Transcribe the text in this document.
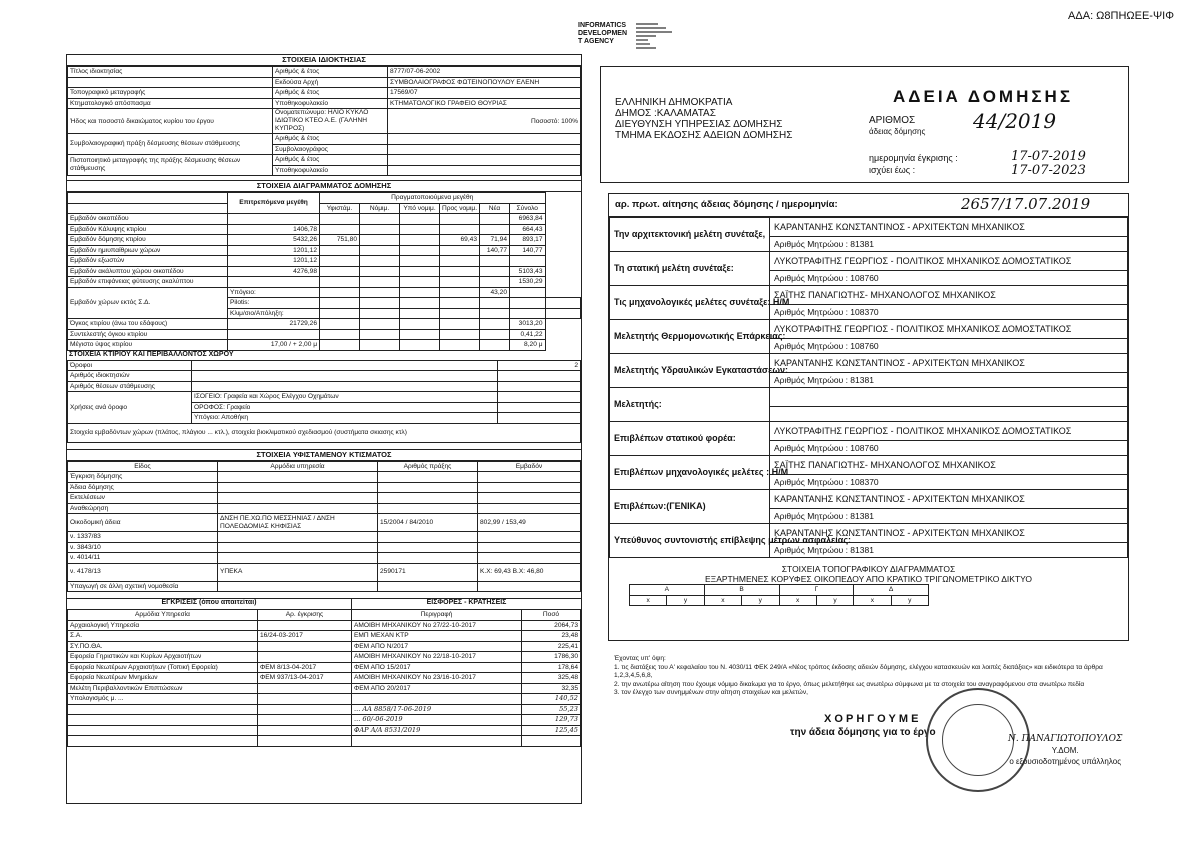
ΑΔΑ: Ω8ΠΗΩΕΕ-ΨΙΦ
INFORMATICS
DEVELOPMEN
T AGENCY
ΣΤΟΙΧΕΙΑ ΙΔΙΟΚΤΗΣΙΑΣ
Τίτλος ιδιοκτησίας	Αριθμός & έτος	8777/07-06-2002
	Εκδούσα Αρχή	ΣΥΜΒΟΛΑΙΟΓΡΑΦΟΣ ΦΩΤΕΙΝΟΠΟΥΛΟΥ ΕΛΕΝΗ
Τοπογραφικό μεταγραφής	Αριθμός & έτος	17569/07
Κτηματολογικό απόσπασμα	Υποθηκοφυλακείο	ΚΤΗΜΑΤΟΛΟΓΙΚΟ ΓΡΑΦΕΙΟ ΘΟΥΡΙΑΣ
Ήδος και ποσοστό δικαιώματος κυρίου του έργου	Ονοματεπώνυμο: ΗΛΙΟ ΚΥΚΛΟ ΙΔΙΩΤΙΚΟ ΚΤΕΟ Α.Ε. (ΓΑΛΗΝΗ ΚΥΠΡΟΣ)	Ποσοστό: 100%
Συμβολαιογραφική πράξη δέσμευσης θέσεων στάθμευσης	Αριθμός & έτος	
	Συμβολαιογράφος	
Πιστοποιητικό μεταγραφής της πράξης δέσμευσης θέσεων στάθμευσης	Αριθμός & έτος	
	Υποθηκοφυλακείο	
ΣΤΟΙΧΕΙΑ ΔΙΑΓΡΑΜΜΑΤΟΣ ΔΟΜΗΣΗΣ
	Επιτρεπόμενα μεγέθη	Πραγματοποιούμενα μεγέθη						
		Υφιστάμ.	Νόμιμ.	Υπό νομιμ.	Προς νομιμ.	Νέα	Σύνολο	
Εμβαδόν οικοπέδου							6963,84	
Εμβαδόν Κάλυψης κτιρίου	1406,78						664,43	
Εμβαδόν δόμησης κτιρίου	5432,26	751,80			69,43	71,94	893,17	
Εμβαδόν ημιυπαίθριων χώρων	1201,12					140,77	140,77	
Εμβαδόν εξωστών	1201,12							
Εμβαδόν ακάλυπτου χώρου οικοπέδου	4276,98						5103,43	
Εμβαδόν επιφάνειας φύτευσης ακαλύπτου							1530,29	
Εμβαδόν χώρων εκτός Σ.Δ.	Υπόγειο:					43,20		
	Pilotis:							
	Κλιμ/σιο/Απόληξη:							
Όγκος κτιρίου (άνω του εδάφους)	21729,26						3013,20	
Συντελεστής όγκου κτιρίου							0,41,22	
Μέγιστο ύψος κτιρίου	17,00 / + 2,00 μ						8,20 μ	
ΣΤΟΙΧΕΙΑ ΚΤΙΡΙΟΥ ΚΑΙ ΠΕΡΙΒΑΛΛΟΝΤΟΣ ΧΩΡΟΥ
Όροφοι		2
Αριθμός ιδιοκτησιών		
Αριθμός θέσεων στάθμευσης		
Χρήσεις ανά όροφο	ΙΣΟΓΕΙΟ: Γραφεία και Χώρος Ελέγχου Οχημάτων	
	ΟΡΟΦΟΣ: Γραφείο	
	Υπόγειο: Αποθήκη	
Στοιχεία εμβαδόντων χώρων (πλάτος, πλάγιου ... κτλ.), στοιχεία βιοκλιματικού σχεδιασμού (συστήματα σκιασης κτλ)		
ΣΤΟΙΧΕΙΑ ΥΦΙΣΤΑΜΕΝΟΥ ΚΤΙΣΜΑΤΟΣ
Είδος	Αρμόδια υπηρεσία	Αριθμός πράξης	Εμβαδόν
Έγκριση δόμησης			
Άδεια δόμησης			
Εκτελέσεων			
Αναθεώρηση			
Οικοδομική άδεια	ΔΝΣΗ ΠΕ.ΧΩ.ΠΟ ΜΕΣΣΗΝΙΑΣ / ΔΝΣΗ ΠΟΛΕΟΔΟΜΙΑΣ ΚΗΦΙΣΙΑΣ	15/2004 / 84/2010	802,99 / 153,49
ν. 1337/83			
ν. 3843/10			
ν. 4014/11			
ν. 4178/13	ΥΠΕΚΑ	2590171	Κ.Χ: 69,43 Β.Χ: 46,80
Υπαγωγή σε άλλη σχετική νομοθεσία			
ΕΓΚΡΙΣΕΙΣ (όπου απαιτείται)	ΕΙΣΦΟΡΕΣ - ΚΡΑΤΗΣΕΙΣ
Αρμόδια Υπηρεσία	Αρ. έγκρισης	Περιγραφή	Ποσό
Αρχαιολογική Υπηρεσία		ΑΜΟΙΒΗ ΜΗΧΑΝΙΚΟΥ Νο 27/22-10-2017	2064,73
Σ.Α.	16/24-03-2017	ΕΜΠ ΜΕΧΑΝ ΚΤΡ	23,48
ΣΥ.ΠΟ.ΘΑ.		ΦΕΜ ΑΠΟ Ν/2017	225,41
Εφορεία Γηριστικών και Κυρίων Αρχαιοτήτων		ΑΜΟΙΒΗ ΜΗΧΑΝΙΚΟΥ Νο 22/18-10-2017	1786,30
Εφορεία Νεωτέρων Αρχαιοτήτων (Τοπική Εφορεία)	ΦΕΜ 8/13-04-2017	ΦΕΜ ΑΠΟ 15/2017	178,64
Εφορεία Νεωτέρων Μνημείων	ΦΕΜ 937/13-04-2017	ΑΜΟΙΒΗ ΜΗΧΑΝΙΚΟΥ Νο 23/16-10-2017	325,48
Μελέτη Περιβαλλοντικών Επιπτώσεων		ΦΕΜ ΑΠΟ 20/2017	32,35
Υπολογισμός μ. ...			140,52
		... ΑΑ 8858/17-06-2019	55,23
		... 60/-06-2019	129,73
		ΦΑΡ Α/Α 8531/2019	125,45

ΕΛΛΗΝΙΚΗ ΔΗΜΟΚΡΑΤΙΑ
ΔΗΜΟΣ :ΚΑΛΑΜΑΤΑΣ
ΔΙΕΥΘΥΝΣΗ ΥΠΗΡΕΣΙΑΣ ΔΟΜΗΣΗΣ
ΤΜΗΜΑ ΕΚΔΟΣΗΣ ΑΔΕΙΩΝ ΔΟΜΗΣΗΣ
ΑΔΕΙΑ ΔΟΜΗΣΗΣ
ΑΡΙΘΜΟΣ
άδειας δόμησης 44/2019
ημερομηνία έγκρισης :	17-07-2019
ισχύει έως :	17-07-2023
αρ. πρωτ. αίτησης άδειας δόμησης / ημερομηνία:	2657/17.07.2019
Την αρχιτεκτονική μελέτη συνέταξε,	ΚΑΡΑΝΤΑΝΗΣ ΚΩΝΣΤΑΝΤΙΝΟΣ - ΑΡΧΙΤΕΚΤΩΝ ΜΗΧΑΝΙΚΟΣ
	Αριθμός Μητρώου : 81381
Τη στατική μελέτη συνέταξε:	ΛΥΚΟΤΡΑΦΙΤΗΣ ΓΕΩΡΓΙΟΣ - ΠΟΛΙΤΙΚΟΣ ΜΗΧΑΝΙΚΟΣ ΔΟΜΟΣΤΑΤΙΚΟΣ
	Αριθμός Μητρώου : 108760
Τις μηχανολογικές μελέτες συνέταξε: Η/Μ	ΣΑΪΤΗΣ ΠΑΝΑΓΙΩΤΗΣ- ΜΗΧΑΝΟΛΟΓΟΣ ΜΗΧΑΝΙΚΟΣ
	Αριθμός Μητρώου : 108370
Μελετητής Θερμομονωτικής Επάρκειας:	ΛΥΚΟΤΡΑΦΙΤΗΣ ΓΕΩΡΓΙΟΣ - ΠΟΛΙΤΙΚΟΣ ΜΗΧΑΝΙΚΟΣ ΔΟΜΟΣΤΑΤΙΚΟΣ
	Αριθμός Μητρώου : 108760
Μελετητής Υδραυλικών Εγκαταστάσεων:	ΚΑΡΑΝΤΑΝΗΣ ΚΩΝΣΤΑΝΤΙΝΟΣ - ΑΡΧΙΤΕΚΤΩΝ ΜΗΧΑΝΙΚΟΣ
	Αριθμός Μητρώου : 81381
Μελετητής:	

Επιβλέπων στατικού φορέα:	ΛΥΚΟΤΡΑΦΙΤΗΣ ΓΕΩΡΓΙΟΣ - ΠΟΛΙΤΙΚΟΣ ΜΗΧΑΝΙΚΟΣ ΔΟΜΟΣΤΑΤΙΚΟΣ
	Αριθμός Μητρώου : 108760
Επιβλέπων μηχανολογικές μελέτες : Η/Μ	ΣΑΪΤΗΣ ΠΑΝΑΓΙΩΤΗΣ- ΜΗΧΑΝΟΛΟΓΟΣ ΜΗΧΑΝΙΚΟΣ
	Αριθμός Μητρώου : 108370
Επιβλέπων:(ΓΕΝΙΚΑ)	ΚΑΡΑΝΤΑΝΗΣ ΚΩΝΣΤΑΝΤΙΝΟΣ - ΑΡΧΙΤΕΚΤΩΝ ΜΗΧΑΝΙΚΟΣ
	Αριθμός Μητρώου : 81381
Υπεύθυνος συντονιστής επίβλεψης μέτρων ασφαλείας:	ΚΑΡΑΝΤΑΝΗΣ ΚΩΝΣΤΑΝΤΙΝΟΣ - ΑΡΧΙΤΕΚΤΩΝ ΜΗΧΑΝΙΚΟΣ
	Αριθμός Μητρώου : 81381
ΣΤΟΙΧΕΙΑ ΤΟΠΟΓΡΑΦΙΚΟΥ ΔΙΑΓΡΑΜΜΑΤΟΣ
ΕΞΑΡΤΗΜΕΝΕΣ ΚΟΡΥΦΕΣ ΟΙΚΟΠΕΔΟΥ ΑΠΟ ΚΡΑΤΙΚΟ ΤΡΙΓΩΝΟΜΕΤΡΙΚΟ ΔΙΚΤΥΟ
Α		Β		Γ		Δ	
x	y	x	y	x	y	x	y
Έχοντας υπ' όψη:
1. τις διατάξεις του Α' κεφαλαίου του Ν. 4030/11 ΦΕΚ 249/Α «Νέος τρόπος έκδοσης αδειών δόμησης, ελέγχου κατασκευών και λοιπές διατάξεις» και ειδικότερα τα άρθρα 1,2,3,4,5,6,8,
2. την ανωτέρω αίτηση που έχουμε νόμιμο δικαίωμα για το έργο, όπως μελετήθηκε ως ανωτέρω σύμφωνα με τα στοιχεία του αναγραφόμενου στα ανωτέρω πεδία
3. τον έλεγχο των συνημμένων στην αίτηση στοιχείων και μελετών,
Χ Ο Ρ Η Γ Ο Υ Μ Ε
την άδεια δόμησης για το έργο
Ν. ΠΑΝΑΓΙΩΤΟΠΟΥΛΟΣ
Υ.ΔΟΜ.
ο εξουσιοδοτημένος υπάλληλος
